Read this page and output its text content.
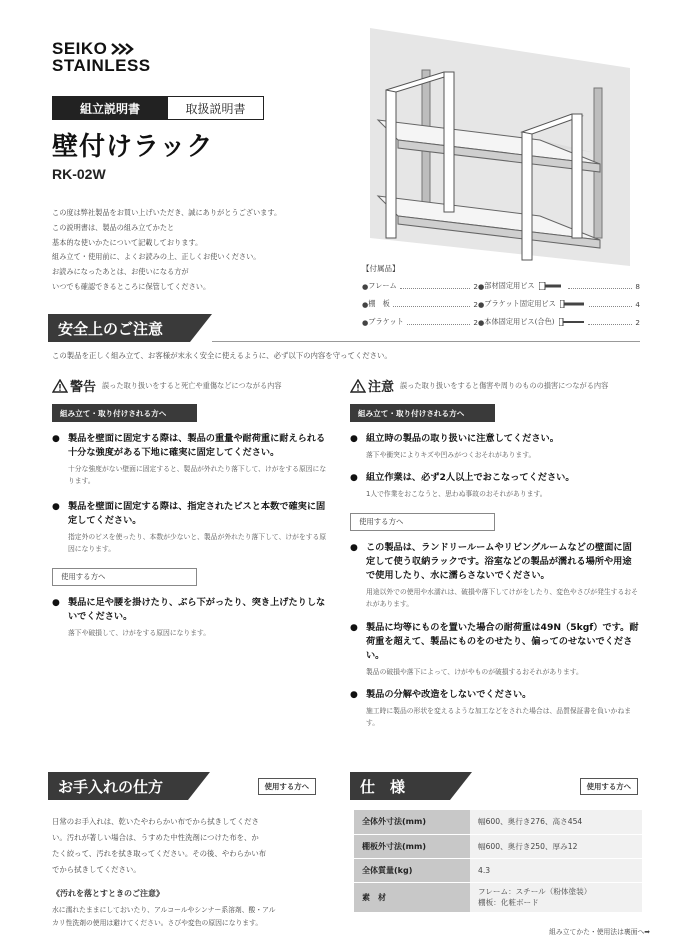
SEIKO
STAINLESS
組立説明書	取扱説明書
壁付けラック
RK-02W
この度は弊社製品をお買い上げいただき、誠にありがとうございます。
この説明書は、製品の組み立てかたと
基本的な使いかたについて記載しております。
組み立て・使用前に、よくお読みの上、正しくお使いください。
お読みになったあとは、お使いになる方が
いつでも確認できるところに保管してください。
【付属品】
● フレーム	2 ● 部材固定用ビス	8
● 棚　板	2 ● ブラケット固定用ビス	4
● ブラケット	2 ● 本体固定用ビス(合色)	2
安全上のご注意
この製品を正しく組み立て、お客様が末永く安全に使えるように、必ず以下の内容を守ってください。
警告 誤った取り扱いをすると死亡や重傷などにつながる内容
組み立て・取り付けされる方へ
● 製品を壁面に固定する際は、製品の重量や耐荷重に耐えられる十分な強度がある下地に確実に固定してください。
十分な強度がない壁面に固定すると、製品が外れたり落下して、けがをする原因になります。
● 製品を壁面に固定する際は、指定されたビスと本数で確実に固定してください。
指定外のビスを使ったり、本数が少ないと、製品が外れたり落下して、けがをする原因になります。
使用する方へ
● 製品に足や腰を掛けたり、ぶら下がったり、突き上げたりしないでください。
落下や破損して、けがをする原因になります。
注意 誤った取り扱いをすると傷害や周りのものの損害につながる内容
組み立て・取り付けされる方へ
● 組立時の製品の取り扱いに注意してください。
落下や衝突によりキズや凹みがつくおそれがあります。
● 組立作業は、必ず2人以上でおこなってください。
1人で作業をおこなうと、思わぬ事故のおそれがあります。
使用する方へ
● この製品は、ランドリールームやリビングルームなどの壁面に固定して使う収納ラックです。浴室などの製品が濡れる場所や用途で使用したり、水に濡らさないでください。
用途以外での使用や水濡れは、破損や落下してけがをしたり、変色やさびが発生するおそれがあります。
● 製品に均等にものを置いた場合の耐荷重は49N（5kgf）です。耐荷重を超えて、製品にものをのせたり、偏ってのせないでください。
製品の破損や落下によって、けがやものが破損するおそれがあります。
● 製品の分解や改造をしないでください。
施工時に製品の形状を変えるような加工などをされた場合は、品質保証書を負いかねます。
お手入れの仕方	使用する方へ
日常のお手入れは、乾いたやわらかい布でから拭きしてくださ
い。汚れが著しい場合は、うすめた中性洗剤につけた布を、か
たく絞って、汚れを拭き取ってください。その後、やわらかい布
でから拭きしてください。
《汚れを落とすときのご注意》
水に濡れたままにしておいたり、アルコールやシンナー系溶剤、酸・アル
カリ性洗剤の使用は避けてください。さびや変色の原因になります。
仕　様	使用する方へ
全体外寸法(mm)	幅600、奥行き276、高さ454
棚板外寸法(mm)	幅600、奥行き250、厚み12
全体質量(kg)	4.3
素　材	フレーム：スチール（粉体塗装）
棚板：化粧ボード
組み立てかた・使用法は裏面へ➡
